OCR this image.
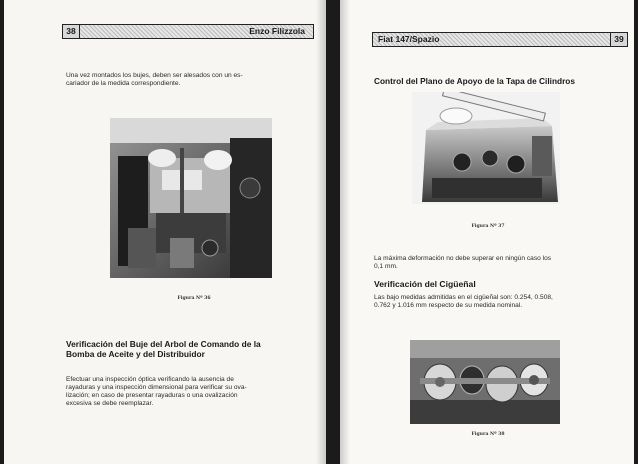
38	Enzo Filizzola
Una vez montados los bujes, deben ser alesados con un es-
cariador de la medida correspondiente.
Figura Nº 36
Verificación del Buje del Arbol de Comando de la
Bomba de Aceite y del Distribuidor
Efectuar una inspección óptica verificando la ausencia de
rayaduras y una inspección dimensional para verificar su ova-
lización; en caso de presentar rayaduras o una ovalización
excesiva se debe reemplazar.
Fiat 147/Spazio	39
Control del Plano de Apoyo de la Tapa de Cilindros
Figura Nº 37
La máxima deformación no debe superar en ningún caso los
0,1 mm.
Verificación del Cigüeñal
Las bajo medidas admitidas en el cigüeñal son: 0.254, 0.508,
0.762 y 1.016 mm respecto de su medida nominal.
Figura Nº 38
